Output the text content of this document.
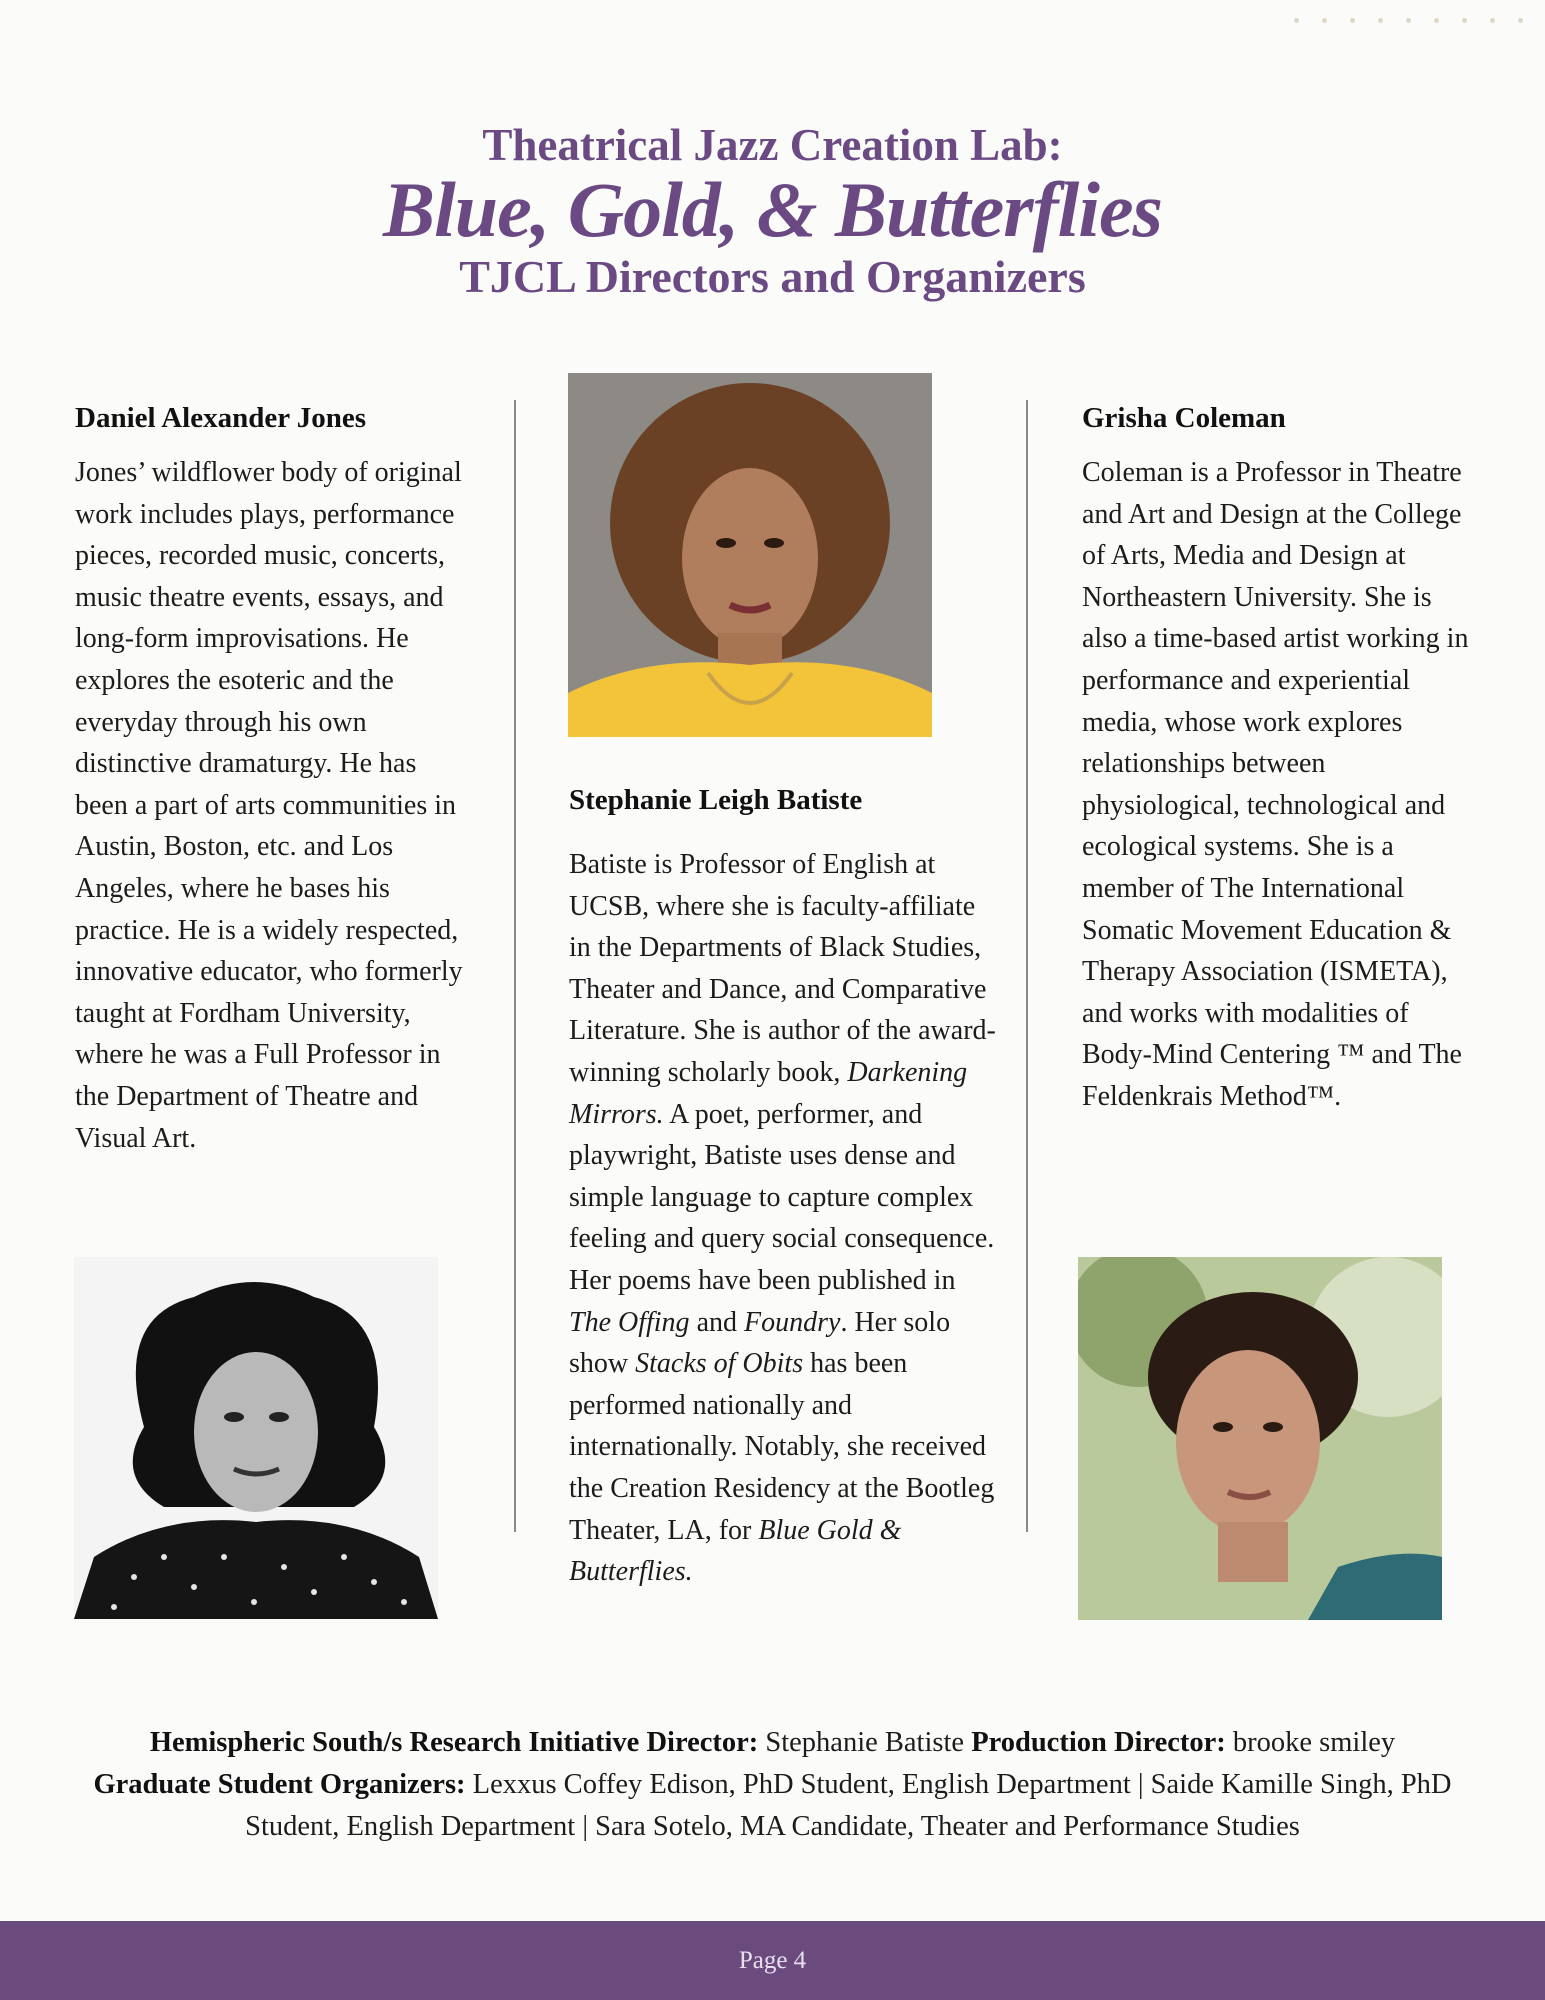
Theatrical Jazz Creation Lab:
Blue, Gold, & Butterflies
TJCL Directors and Organizers
Daniel Alexander Jones

Jones’ wildflower body of original work includes plays, performance pieces, recorded music, concerts, music theatre events, essays, and long-form improvisations. He explores the esoteric and the everyday through his own distinctive dramaturgy. He has been a part of arts communities in Austin, Boston, etc. and Los Angeles, where he bases his practice. He is a widely respected, innovative educator, who formerly taught at Fordham University, where he was a Full Professor in the Department of Theatre and Visual Art.

Stephanie Leigh Batiste

Batiste is Professor of English at UCSB, where she is faculty-affiliate in the Departments of Black Studies, Theater and Dance, and Comparative Literature. She is author of the award-winning scholarly book, Darkening Mirrors. A poet, performer, and playwright, Batiste uses dense and simple language to capture complex feeling and query social consequence. Her poems have been published in The Offing and Foundry. Her solo show Stacks of Obits has been performed nationally and internationally. Notably, she received the Creation Residency at the Bootleg Theater, LA, for Blue Gold & Butterflies.

Grisha Coleman

Coleman is a Professor in Theatre and Art and Design at the College of Arts, Media and Design at Northeastern University. She is also a time-based artist working in performance and experiential media, whose work explores relationships between physiological, technological and ecological systems. She is a member of The International Somatic Movement Education & Therapy Association (ISMETA), and works with modalities of Body-Mind Centering ™ and The Feldenkrais Method™.

Hemispheric South/s Research Initiative Director: Stephanie Batiste Production Director: brooke smiley
Graduate Student Organizers: Lexxus Coffey Edison, PhD Student, English Department | Saide Kamille Singh, PhD Student, English Department | Sara Sotelo, MA Candidate, Theater and Performance Studies
Page 4
